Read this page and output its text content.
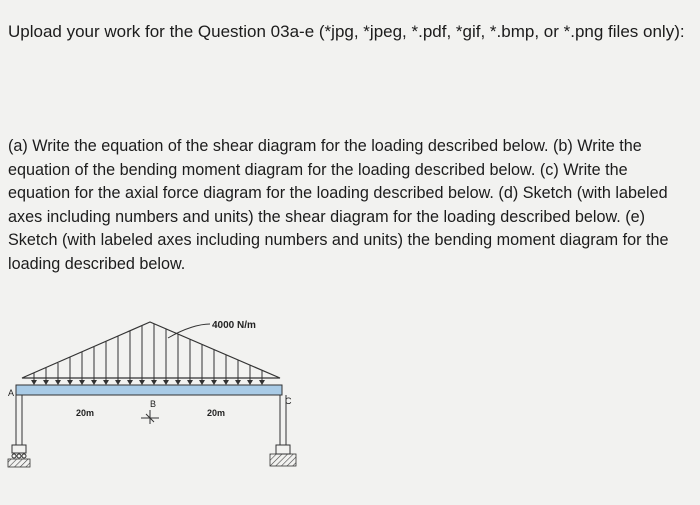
Upload your work for the Question 03a-e (*jpg, *jpeg, *.pdf, *gif, *.bmp, or *.png files only):
(a) Write the equation of the shear diagram for the loading described below. (b) Write the equation of the bending moment diagram for the loading described below. (c) Write the equation for the axial force diagram for the loading described below. (d) Sketch (with labeled axes including numbers and units) the shear diagram for the loading described below. (e) Sketch (with labeled axes including numbers and units) the bending moment diagram for the loading described below.
4000 N/m
A
C
B
20m	20m
